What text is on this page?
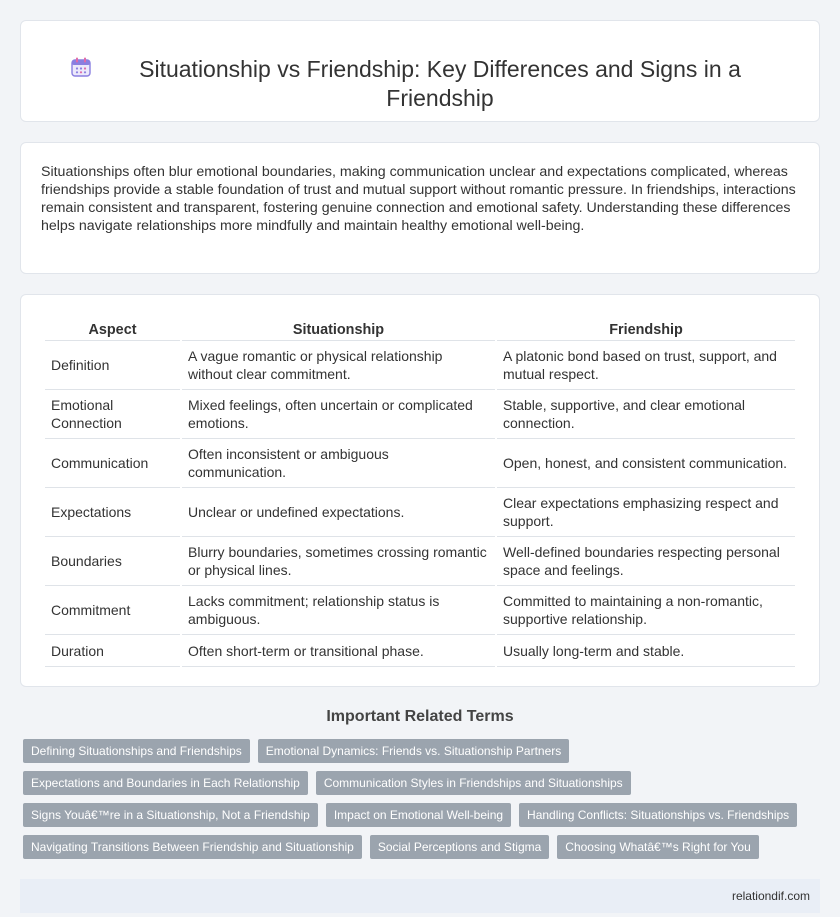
Situationship vs Friendship: Key Differences and Signs in a Friendship

Situationships often blur emotional boundaries, making communication unclear and expectations complicated, whereas friendships provide a stable foundation of trust and mutual support without romantic pressure. In friendships, interactions remain consistent and transparent, fostering genuine connection and emotional safety. Understanding these differences helps navigate relationships more mindfully and maintain healthy emotional well-being.

Aspect	Situationship	Friendship
Definition	A vague romantic or physical relationship without clear commitment.	A platonic bond based on trust, support, and mutual respect.
Emotional Connection	Mixed feelings, often uncertain or complicated emotions.	Stable, supportive, and clear emotional connection.
Communication	Often inconsistent or ambiguous communication.	Open, honest, and consistent communication.
Expectations	Unclear or undefined expectations.	Clear expectations emphasizing respect and support.
Boundaries	Blurry boundaries, sometimes crossing romantic or physical lines.	Well-defined boundaries respecting personal space and feelings.
Commitment	Lacks commitment; relationship status is ambiguous.	Committed to maintaining a non-romantic, supportive relationship.
Duration	Often short-term or transitional phase.	Usually long-term and stable.
Important Related Terms
Defining Situationships and Friendships	Emotional Dynamics: Friends vs. Situationship Partners
Expectations and Boundaries in Each Relationship	Communication Styles in Friendships and Situationships
Signs Youâ€™re in a Situationship, Not a Friendship	Impact on Emotional Well-being	Handling Conflicts: Situationships vs. Friendships
Navigating Transitions Between Friendship and Situationship	Social Perceptions and Stigma	Choosing Whatâ€™s Right for You
relationdif.com
